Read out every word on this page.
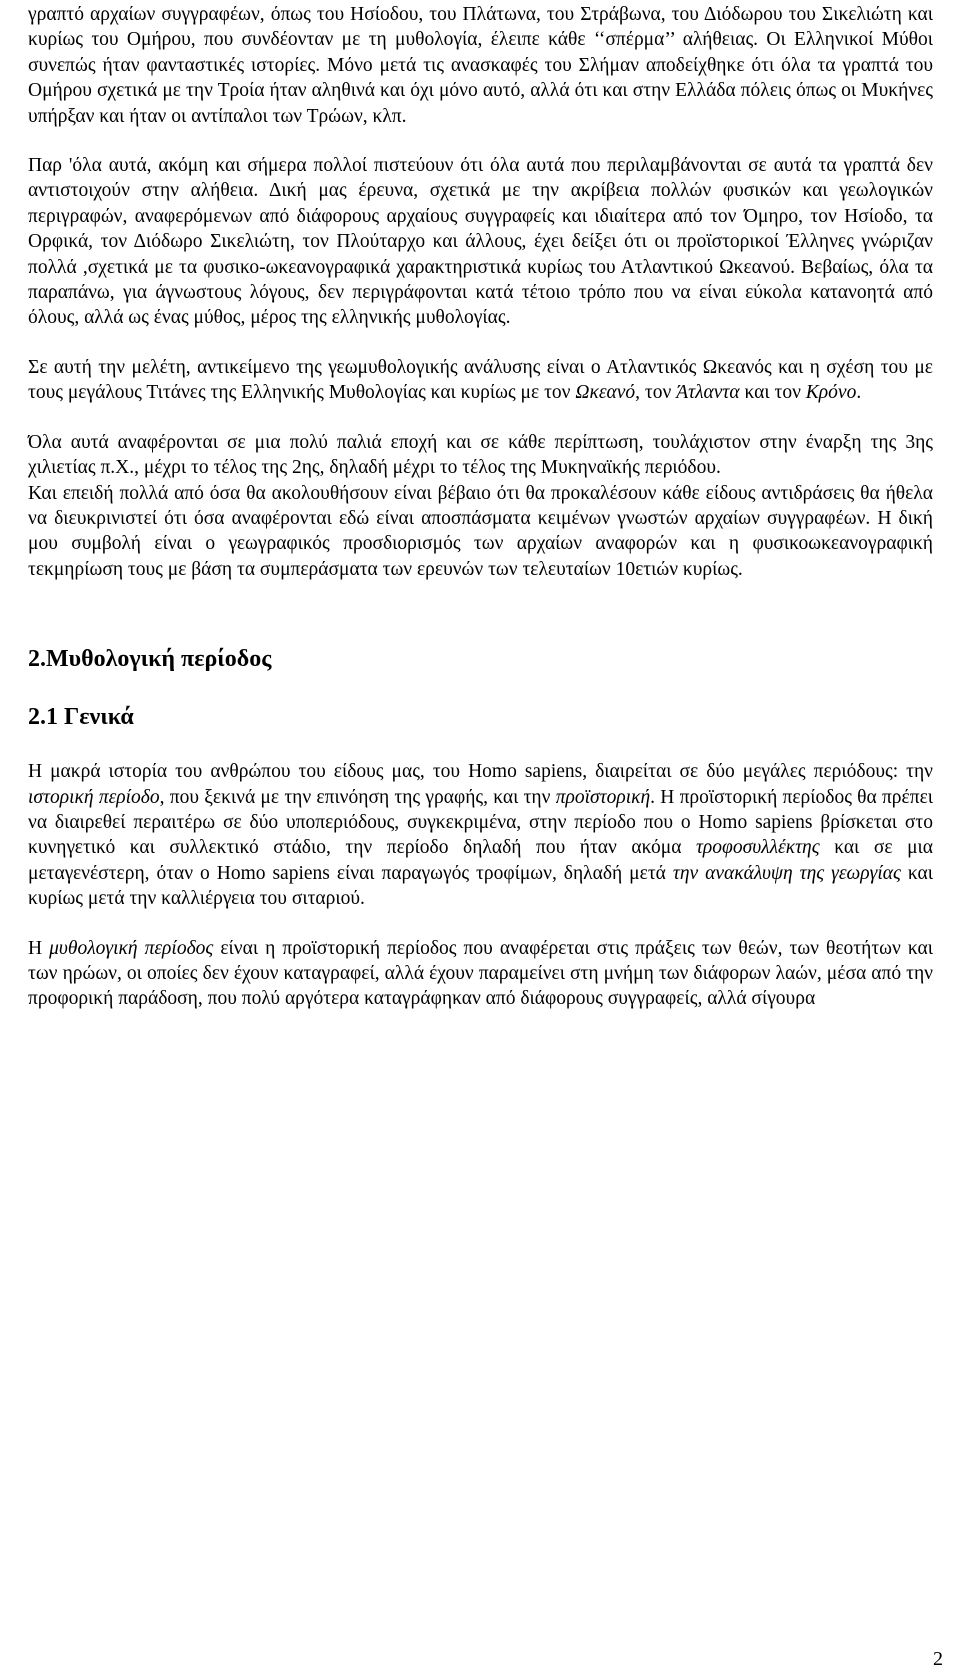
γραπτό αρχαίων συγγραφέων, όπως του Ησίοδου, του Πλάτωνα, του Στράβωνα, του Διόδωρου του Σικελιώτη και κυρίως του Ομήρου, που συνδέονταν με τη μυθολογία, έλειπε κάθε ‘‘σπέρμα’’ αλήθειας. Οι Ελληνικοί Μύθοι συνεπώς ήταν φανταστικές ιστορίες. Μόνο μετά τις ανασκαφές του Σλήμαν αποδείχθηκε ότι όλα τα γραπτά του Ομήρου σχετικά με την Τροία ήταν αληθινά και όχι μόνο αυτό, αλλά ότι και στην Ελλάδα πόλεις όπως οι Μυκήνες υπήρξαν και ήταν οι αντίπαλοι των Τρώων, κλπ.

Παρ 'όλα αυτά, ακόμη και σήμερα πολλοί πιστεύουν ότι όλα αυτά που περιλαμβάνονται σε αυτά τα γραπτά δεν αντιστοιχούν στην αλήθεια. Δική μας έρευνα, σχετικά με την ακρίβεια πολλών φυσικών και γεωλογικών περιγραφών, αναφερόμενων από διάφορους αρχαίους συγγραφείς και ιδιαίτερα από τον Όμηρο, τον Ησίοδο, τα Ορφικά, τον Διόδωρο Σικελιώτη, τον Πλούταρχο και άλλους, έχει δείξει ότι οι προϊστορικοί Έλληνες γνώριζαν πολλά ,σχετικά με τα φυσικο-ωκεανογραφικά χαρακτηριστικά κυρίως του Ατλαντικού Ωκεανού. Βεβαίως, όλα τα παραπάνω, για άγνωστους λόγους, δεν περιγράφονται κατά τέτοιο τρόπο που να είναι εύκολα κατανοητά από όλους, αλλά ως ένας μύθος, μέρος της ελληνικής μυθολογίας.

Σε αυτή την μελέτη, αντικείμενο της γεωμυθολογικής ανάλυσης είναι ο Ατλαντικός Ωκεανός και η σχέση του με τους μεγάλους Τιτάνες της Ελληνικής Μυθολογίας και κυρίως με τον Ωκεανό, τον Άτλαντα και τον Κρόνο.

Όλα αυτά αναφέρονται σε μια πολύ παλιά εποχή και σε κάθε περίπτωση, τουλάχιστον στην έναρξη της 3ης χιλιετίας π.Χ., μέχρι το τέλος της 2ης, δηλαδή μέχρι το τέλος της Μυκηναϊκής περιόδου.

Και επειδή πολλά από όσα θα ακολουθήσουν είναι βέβαιο ότι θα προκαλέσουν κάθε είδους αντιδράσεις θα ήθελα να διευκρινιστεί ότι όσα αναφέρονται εδώ είναι αποσπάσματα κειμένων γνωστών αρχαίων συγγραφέων. Η δική μου συμβολή είναι ο γεωγραφικός προσδιορισμός των αρχαίων αναφορών και η φυσικοωκεανογραφική τεκμηρίωση τους με βάση τα συμπεράσματα των ερευνών των τελευταίων 10ετιών κυρίως.

2.Μυθολογική περίοδος
2.1 Γενικά

Η μακρά ιστορία του ανθρώπου του είδους μας, του Homo sapiens, διαιρείται σε δύο μεγάλες περιόδους: την ιστορική περίοδο, που ξεκινά με την επινόηση της γραφής, και την προϊστορική. Η προϊστορική περίοδος θα πρέπει να διαιρεθεί περαιτέρω σε δύο υποπεριόδους, συγκεκριμένα, στην περίοδο που ο Homo sapiens βρίσκεται στο κυνηγετικό και συλλεκτικό στάδιο, την περίοδο δηλαδή που ήταν ακόμα τροφοσυλλέκτης και σε μια μεταγενέστερη, όταν ο Homo sapiens είναι παραγωγός τροφίμων, δηλαδή μετά την ανακάλυψη της γεωργίας και κυρίως μετά την καλλιέργεια του σιταριού.

Η μυθολογική περίοδος είναι η προϊστορική περίοδος που αναφέρεται στις πράξεις των θεών, των θεοτήτων και των ηρώων, οι οποίες δεν έχουν καταγραφεί, αλλά έχουν παραμείνει στη μνήμη των διάφορων λαών, μέσα από την προφορική παράδοση, που πολύ αργότερα καταγράφηκαν από διάφορους συγγραφείς, αλλά σίγουρα

2
